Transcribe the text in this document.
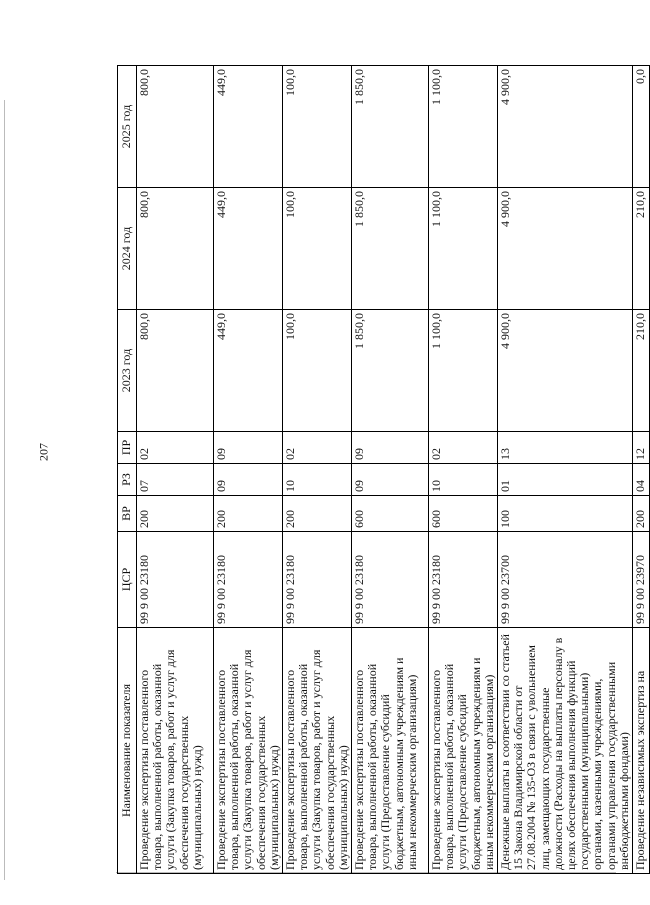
207
Наименование показателя	ЦСР	ВР	РЗ	ПР	2023 год	2024 год	2025 год
Проведение экспертизы поставленного товара, выполненной работы, оказанной услуги (Закупка товаров, работ и услуг для обеспечения государственных (муниципальных) нужд)	99 9 00 23180	200	07	02	800,0	800,0	800,0
Проведение экспертизы поставленного товара, выполненной работы, оказанной услуги (Закупка товаров, работ и услуг для обеспечения государственных (муниципальных) нужд)	99 9 00 23180	200	09	09	449,0	449,0	449,0
Проведение экспертизы поставленного товара, выполненной работы, оказанной услуги (Закупка товаров, работ и услуг для обеспечения государственных (муниципальных) нужд)	99 9 00 23180	200	10	02	100,0	100,0	100,0
Проведение экспертизы поставленного товара, выполненной работы, оказанной услуги (Предоставление субсидий бюджетным, автономным учреждениям и иным некоммерческим организациям)	99 9 00 23180	600	09	09	1 850,0	1 850,0	1 850,0
Проведение экспертизы поставленного товара, выполненной работы, оказанной услуги (Предоставление субсидий бюджетным, автономным учреждениям и иным некоммерческим организациям)	99 9 00 23180	600	10	02	1 100,0	1 100,0	1 100,0
Денежные выплаты в соответствии со статьей 15 Закона Владимирской области от 27.08.2004 № 135-ОЗ в связи с увольнением лиц, замещающих государственные должности (Расходы на выплаты персоналу в целях обеспечения выполнения функций государственными (муниципальными) органами, казенными учреждениями, органами управления государственными внебюджетными фондами)	99 9 00 23700	100	01	13	4 900,0	4 900,0	4 900,0
Проведение независимых экспертиз на	99 9 00 23970	200	04	12	210,0	210,0	0,0
